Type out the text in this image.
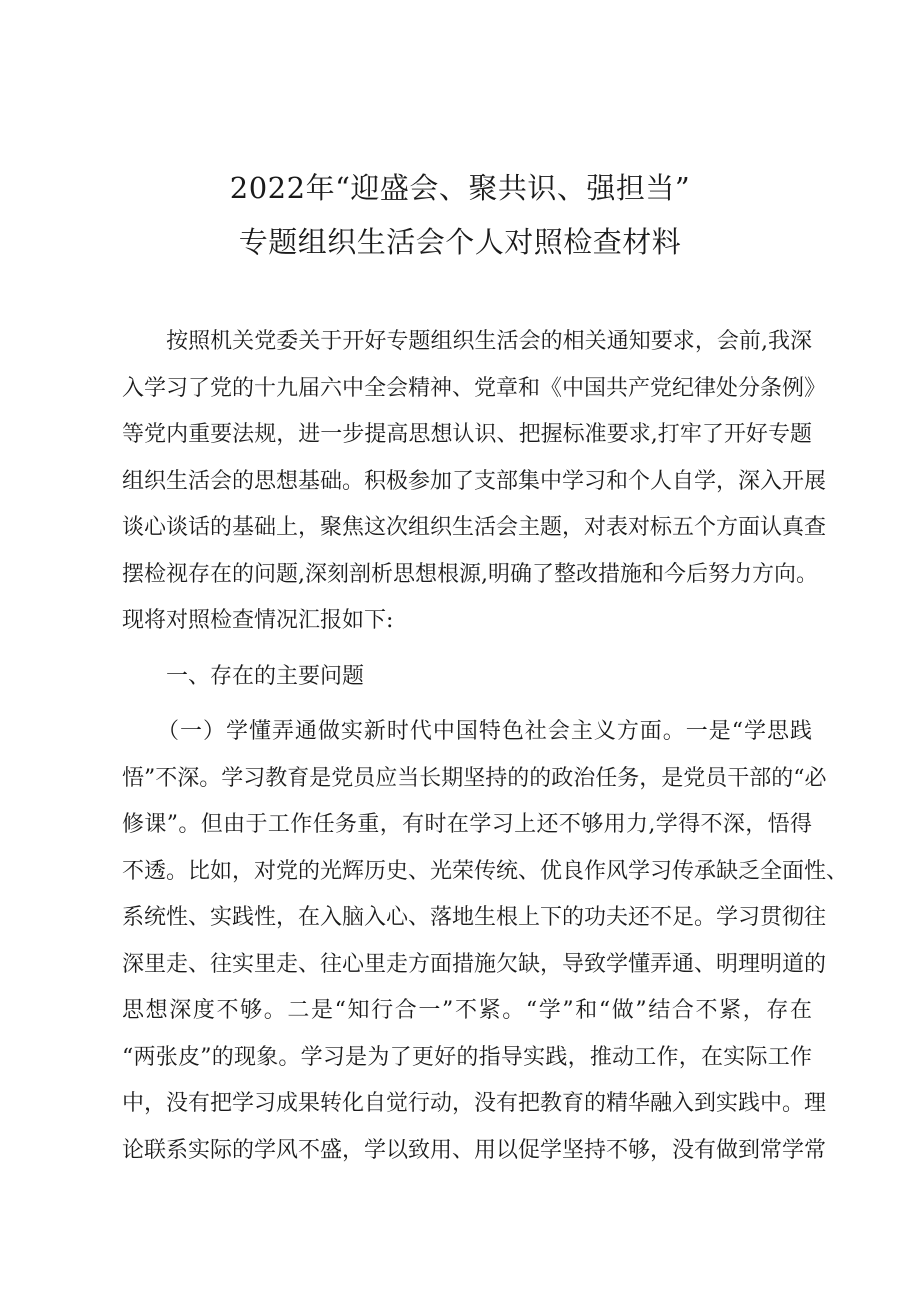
2022年“迎盛会、聚共识、强担当”
专题组织生活会个人对照检查材料
　　按照机关党委关于开好专题组织生活会的相关通知要求，会前,我深
入学习了党的十九届六中全会精神、党章和《中国共产党纪律处分条例》
等党内重要法规，进一步提高思想认识、把握标准要求,打牢了开好专题
组织生活会的思想基础。积极参加了支部集中学习和个人自学，深入开展
谈心谈话的基础上，聚焦这次组织生活会主题，对表对标五个方面认真查
摆检视存在的问题,深刻剖析思想根源,明确了整改措施和今后努力方向。
现将对照检查情况汇报如下:
　　一、存在的主要问题
　　（一）学懂弄通做实新时代中国特色社会主义方面。一是“学思践
悟”不深。学习教育是党员应当长期坚持的的政治任务，是党员干部的“必
修课”。但由于工作任务重，有时在学习上还不够用力,学得不深，悟得
不透。比如，对党的光辉历史、光荣传统、优良作风学习传承缺乏全面性、
系统性、实践性，在入脑入心、落地生根上下的功夫还不足。学习贯彻往
深里走、往实里走、往心里走方面措施欠缺，导致学懂弄通、明理明道的
思想深度不够。二是“知行合一”不紧。“学”和“做”结合不紧，存在
“两张皮”的现象。学习是为了更好的指导实践，推动工作，在实际工作
中，没有把学习成果转化自觉行动，没有把教育的精华融入到实践中。理
论联系实际的学风不盛，学以致用、用以促学坚持不够，没有做到常学常
